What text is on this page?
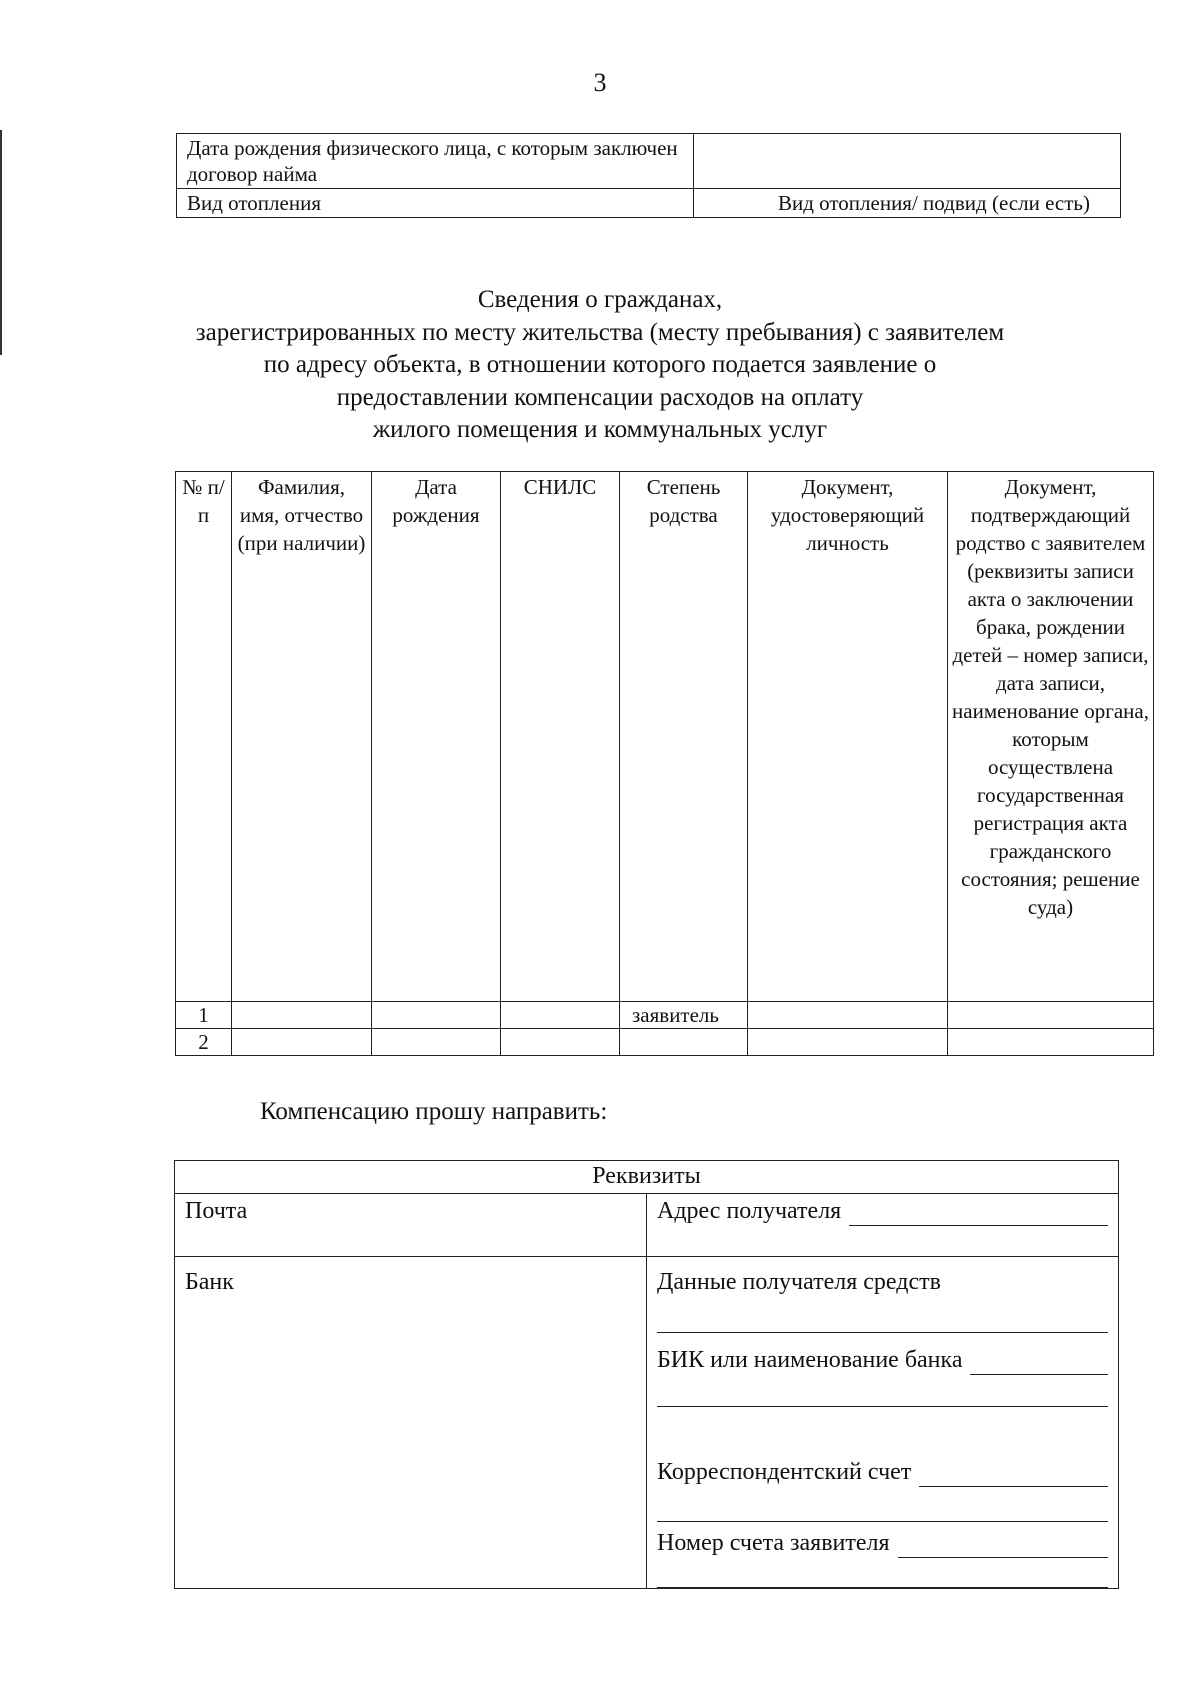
3
Дата рождения физического лица, с которым заключен договор найма	
Вид отопления	Вид отопления/ подвид (если есть)
Сведения о гражданах,
зарегистрированных по месту жительства (месту пребывания) с заявителем
по адресу объекта, в отношении которого подается заявление о
предоставлении компенсации расходов на оплату
жилого помещения и коммунальных услуг
№ п/п	Фамилия, имя, отчество (при наличии)	Дата рождения	СНИЛС	Степень родства	Документ, удостоверяющий личность	Документ, подтверждающий родство с заявителем (реквизиты записи акта о заключении брака, рождении детей – номер записи, дата записи, наименование органа, которым осуществлена государственная регистрация акта гражданского состояния; решение суда)
1				заявитель		
2						
Компенсацию прошу направить:
Реквизиты	
Почта	Адрес получателя

Банк	Данные получателя средств
БИК или наименование банка
Корреспондентский счет
Номер счета заявителя
